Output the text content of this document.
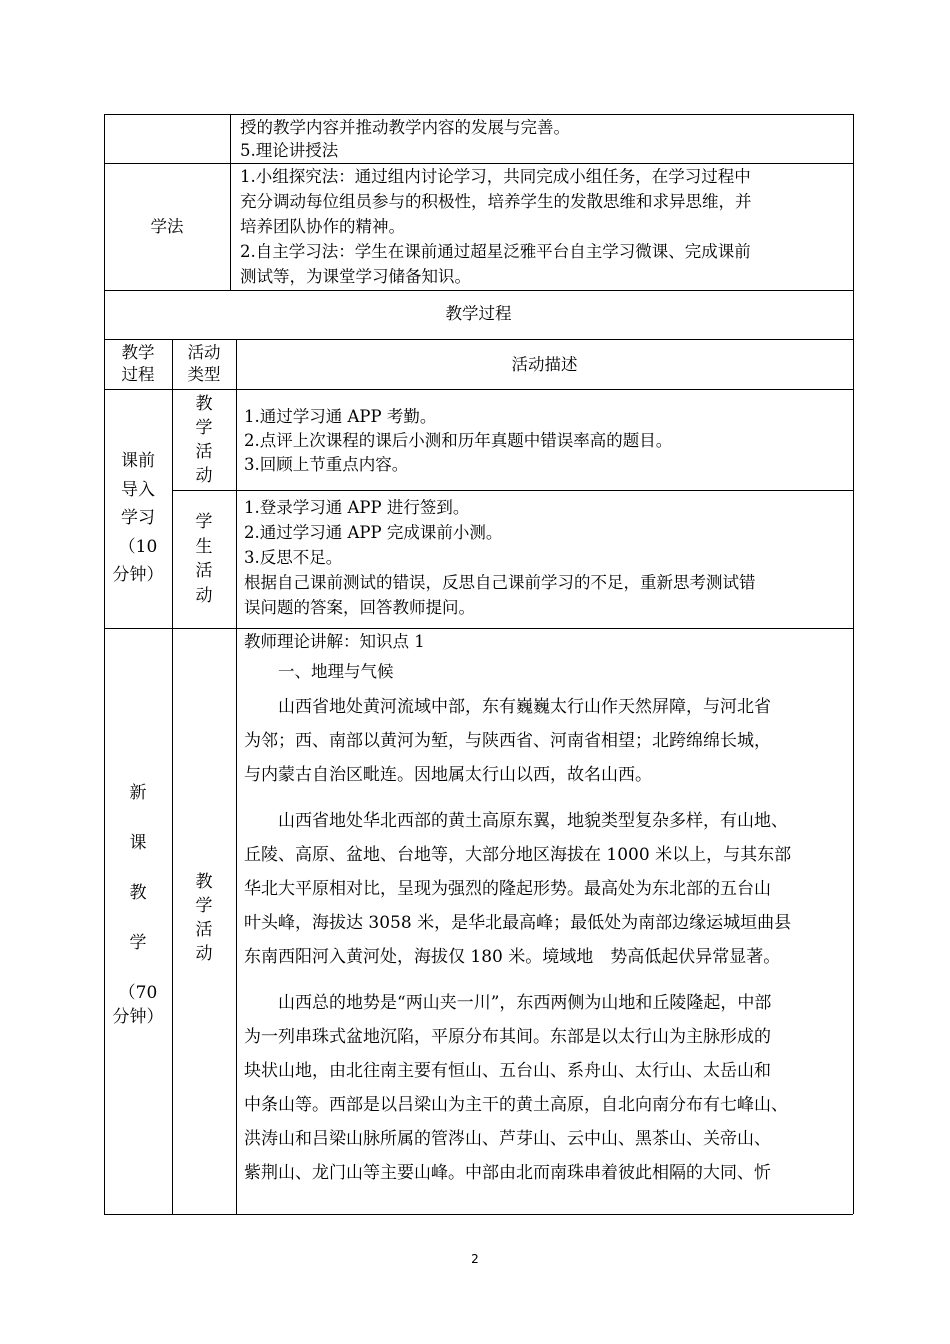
授的教学内容并推动教学内容的发展与完善。
5.理论讲授法
学法
1.小组探究法：通过组内讨论学习，共同完成小组任务，在学习过程中
充分调动每位组员参与的积极性，培养学生的发散思维和求异思维，并
培养团队协作的精神。
2.自主学习法：学生在课前通过超星泛雅平台自主学习微课、完成课前
测试等，为课堂学习储备知识。
教学过程
教学
过程
活动
类型
活动描述
课前
导入
学习
（10
分钟）
教
学
活
动
1.通过学习通 APP 考勤。
2.点评上次课程的课后小测和历年真题中错误率高的题目。
3.回顾上节重点内容。
学
生
活
动
1.登录学习通 APP 进行签到。
2.通过学习通 APP 完成课前小测。
3.反思不足。
根据自己课前测试的错误，反思自己课前学习的不足，重新思考测试错
误问题的答案，回答教师提问。
新
课
教
学
（70
分钟）
教
学
活
动
教师理论讲解：知识点 1
一、地理与气候
山西省地处黄河流域中部，东有巍巍太行山作天然屏障，与河北省
为邻；西、南部以黄河为堑，与陕西省、河南省相望；北跨绵绵长城，
与内蒙古自治区毗连。因地属太行山以西，故名山西。
山西省地处华北西部的黄土高原东翼，地貌类型复杂多样，有山地、
丘陵、高原、盆地、台地等，大部分地区海拔在 1000 米以上，与其东部
华北大平原相对比，呈现为强烈的隆起形势。最高处为东北部的五台山
叶头峰，海拔达 3058 米，是华北最高峰；最低处为南部边缘运城垣曲县
东南西阳河入黄河处，海拔仅 180 米。境域地　势高低起伏异常显著。
山西总的地势是“两山夹一川”，东西两侧为山地和丘陵隆起，中部
为一列串珠式盆地沉陷，平原分布其间。东部是以太行山为主脉形成的
块状山地，由北往南主要有恒山、五台山、系舟山、太行山、太岳山和
中条山等。西部是以吕梁山为主干的黄土高原，自北向南分布有七峰山、
洪涛山和吕梁山脉所属的管涔山、芦芽山、云中山、黑茶山、关帝山、
紫荆山、龙门山等主要山峰。中部由北而南珠串着彼此相隔的大同、忻
2
